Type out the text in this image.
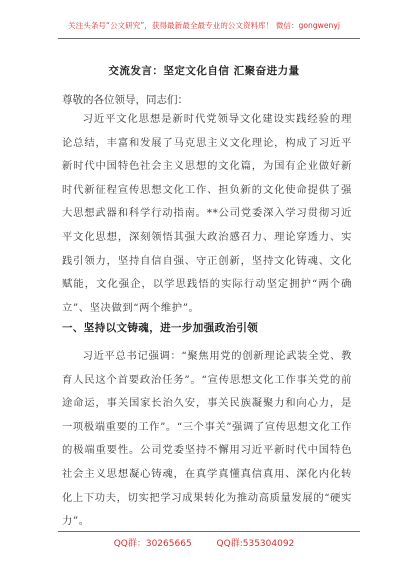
关注头条号“公文研究”，获得最新最全最专业的公文资料库！ 微信：gongwenyj
交流发言：坚定文化自信 汇聚奋进力量
尊敬的各位领导，同志们：
习近平文化思想是新时代党领导文化建设实践经验的理论总结，丰富和发展了马克思主义文化理论，构成了习近平新时代中国特色社会主义思想的文化篇，为国有企业做好新时代新征程宣传思想文化工作、担负新的文化使命提供了强大思想武器和科学行动指南。**公司党委深入学习贯彻习近平文化思想，深刻领悟其强大政治感召力、理论穿透力、实践引领力，坚持自信自强、守正创新，坚持文化铸魂、文化赋能，文化强企，以学思践悟的实际行动坚定拥护“两个确立”、坚决做到“两个维护”。
一、坚持以文铸魂，进一步加强政治引领
习近平总书记强调：“聚焦用党的创新理论武装全党、教育人民这个首要政治任务”。“宣传思想文化工作事关党的前途命运，事关国家长治久安，事关民族凝聚力和向心力，是一项极端重要的工作”。“三个事关”强调了宣传思想文化工作的极端重要性。公司党委坚持不懈用习近平新时代中国特色社会主义思想凝心铸魂，在真学真懂真信真用、深化内化转化上下功夫，切实把学习成果转化为推动高质量发展的“硬实力”。
QQ群：30265665	QQ群:535304092
